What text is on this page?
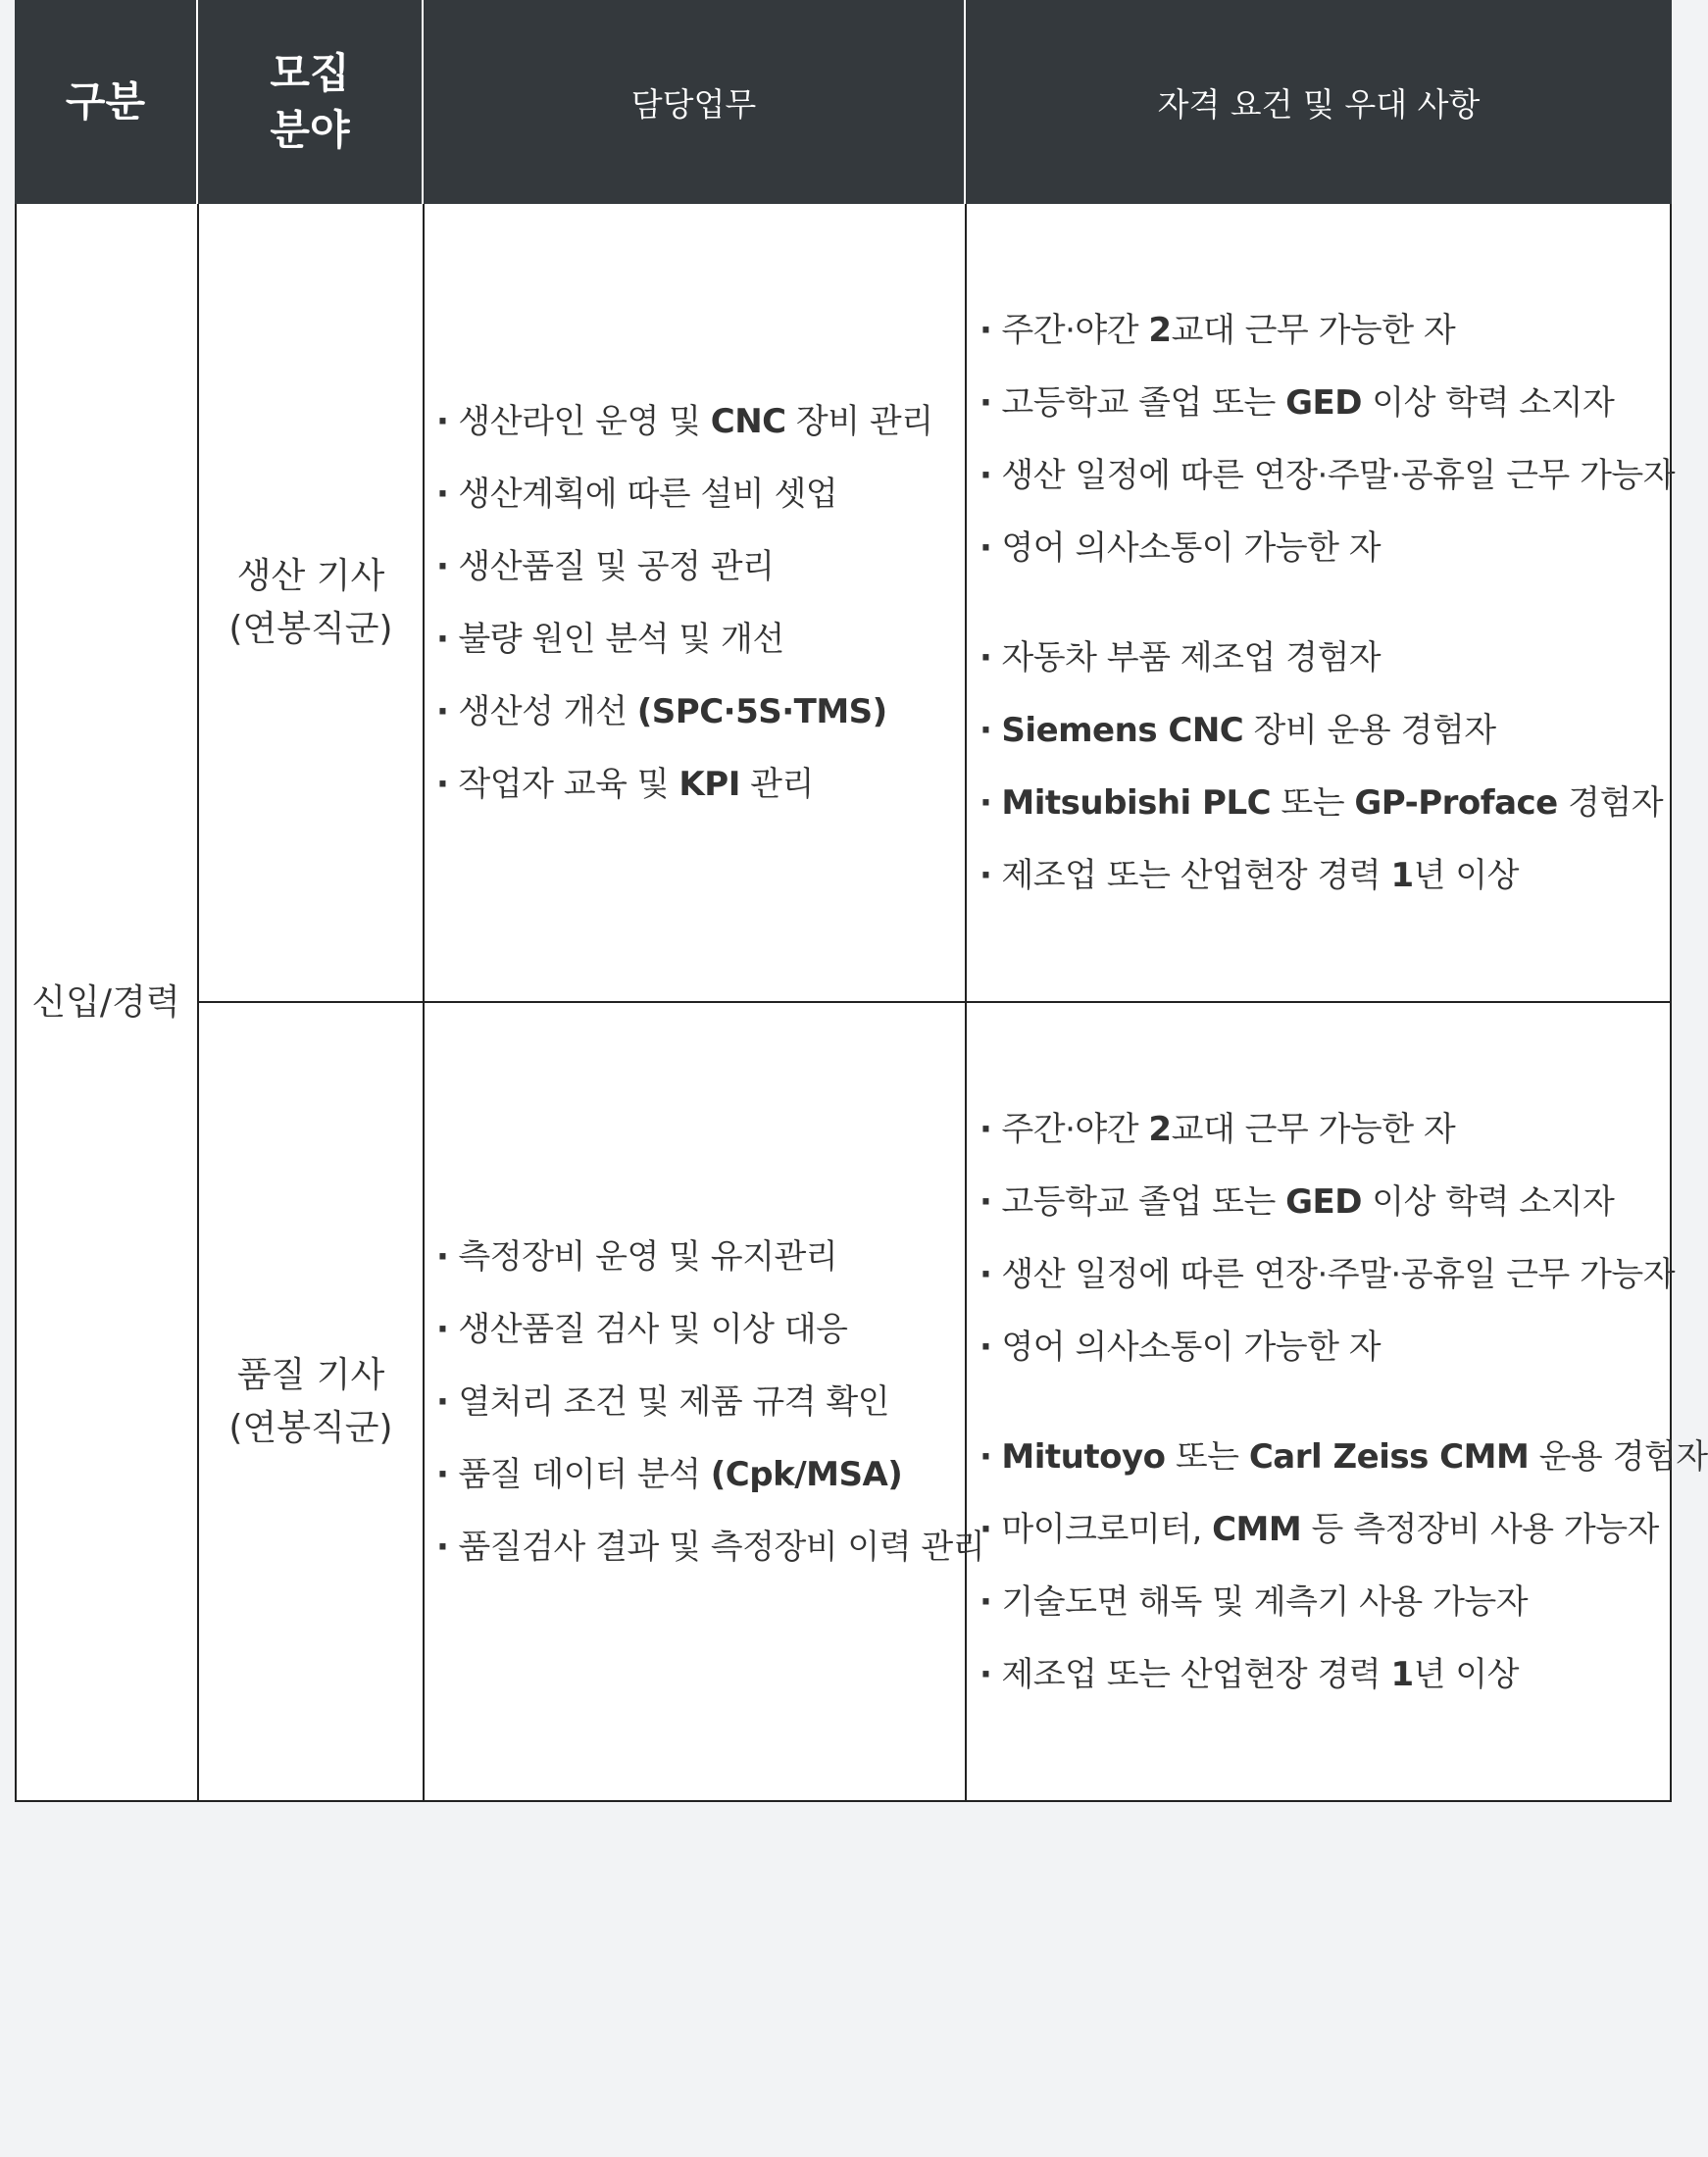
구분
모집
분야
담당업무	자격 요건 및 우대 사항
신입/경력
생산 기사
(연봉직군)
· 생산라인 운영 및 CNC 장비 관리
· 생산계획에 따른 설비 셋업
· 생산품질 및 공정 관리
· 불량 원인 분석 및 개선
· 생산성 개선 (SPC·5S·TMS)
· 작업자 교육 및 KPI 관리
· 주간·야간 2교대 근무 가능한 자
· 고등학교 졸업 또는 GED 이상 학력 소지자
· 생산 일정에 따른 연장·주말·공휴일 근무 가능자
· 영어 의사소통이 가능한 자
· 자동차 부품 제조업 경험자
· Siemens CNC 장비 운용 경험자
· Mitsubishi PLC 또는 GP-Proface 경험자
· 제조업 또는 산업현장 경력 1년 이상
품질 기사
(연봉직군)
· 측정장비 운영 및 유지관리
· 생산품질 검사 및 이상 대응
· 열처리 조건 및 제품 규격 확인
· 품질 데이터 분석 (Cpk/MSA)
· 품질검사 결과 및 측정장비 이력 관리
· 주간·야간 2교대 근무 가능한 자
· 고등학교 졸업 또는 GED 이상 학력 소지자
· 생산 일정에 따른 연장·주말·공휴일 근무 가능자
· 영어 의사소통이 가능한 자
· Mitutoyo 또는 Carl Zeiss CMM 운용 경험자
· 마이크로미터, CMM 등 측정장비 사용 가능자
· 기술도면 해독 및 계측기 사용 가능자
· 제조업 또는 산업현장 경력 1년 이상
